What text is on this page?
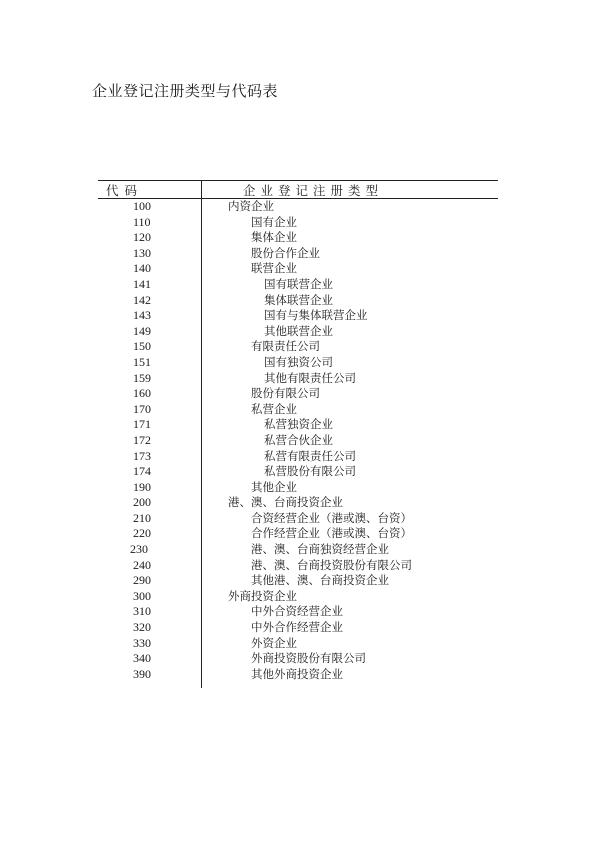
企业登记注册类型与代码表
代码	企业登记注册类型
100	内资企业
110	国有企业
120	集体企业
130	股份合作企业
140	联营企业
141	国有联营企业
142	集体联营企业
143	国有与集体联营企业
149	其他联营企业
150	有限责任公司
151	国有独资公司
159	其他有限责任公司
160	股份有限公司
170	私营企业
171	私营独资企业
172	私营合伙企业
173	私营有限责任公司
174	私营股份有限公司
190	其他企业
200	港、澳、台商投资企业
210	合资经营企业（港或澳、台资）
220	合作经营企业（港或澳、台资）
230	港、澳、台商独资经营企业
240	港、澳、台商投资股份有限公司
290	其他港、澳、台商投资企业
300	外商投资企业
310	中外合资经营企业
320	中外合作经营企业
330	外资企业
340	外商投资股份有限公司
390	其他外商投资企业
